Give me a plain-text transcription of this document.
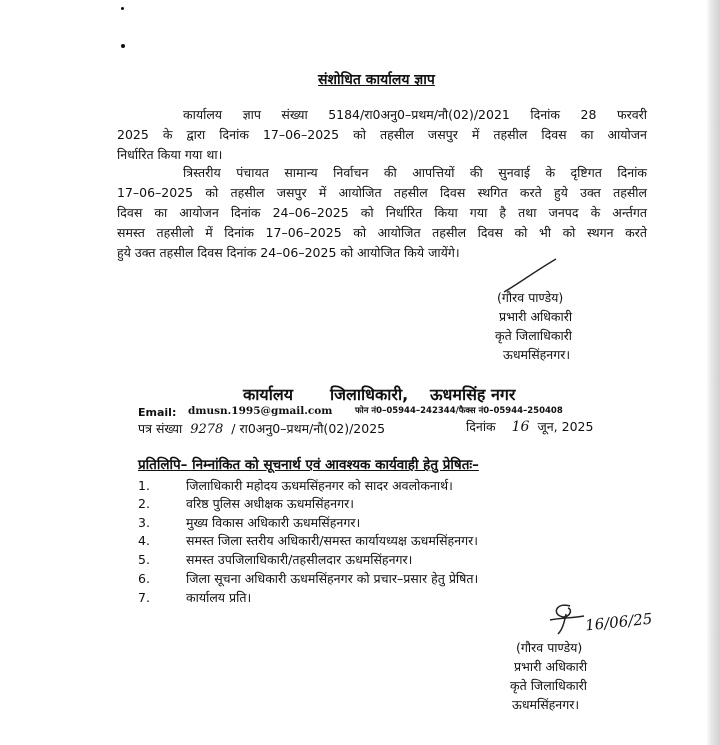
संशोधित कार्यालय ज्ञाप
कार्यालय ज्ञाप संख्या 5184/रा0अनु0–प्रथम/नौ(02)/2021 दिनांक 28 फरवरी
2025 के द्वारा दिनांक 17–06–2025 को तहसील जसपुर में तहसील दिवस का आयोजन
निर्धारित किया गया था।
त्रिस्तरीय पंचायत सामान्य निर्वाचन की आपत्तियों की सुनवाई के दृष्टिगत दिनांक
17–06–2025 को तहसील जसपुर में आयोजित तहसील दिवस स्थगित करते हुये उक्त तहसील
दिवस का आयोजन दिनांक 24–06–2025 को निर्धारित किया गया है तथा जनपद के अर्न्तगत
समस्त तहसीलो में दिनांक 17–06–2025 को आयोजित तहसील दिवस को भी को स्थगन करते
हुये उक्त तहसील दिवस दिनांक 24–06–2025 को आयोजित किये जायेंगे।
(गौरव पाण्डेय)
प्रभारी अधिकारी
कृते जिलाधिकारी
ऊधमसिंहनगर।
कार्यालय जिलाधिकारी, ऊधमसिंह नगर
Email: dmusn.1995@gmail.com	फोन नं0–05944–242344/फैक्स नं0–05944–250408
पत्र संख्या 9278 / रा0अनु0–प्रथम/नौ(02)/2025	दिनांक 16 जून, 2025
प्रतिलिपि– निम्नांकित को सूचनार्थ एवं आवश्यक कार्यवाही हेतु प्रेषितः–
1.	जिलाधिकारी महोदय ऊधमसिंहनगर को सादर अवलोकनार्थ।
2.	वरिष्ठ पुलिस अधीक्षक ऊधमसिंहनगर।
3.	मुख्य विकास अधिकारी ऊधमसिंहनगर।
4.	समस्त जिला स्तरीय अधिकारी/समस्त कार्यायध्यक्ष ऊधमसिंहनगर।
5.	समस्त उपजिलाधिकारी/तहसीलदार ऊधमसिंहनगर।
6.	जिला सूचना अधिकारी ऊधमसिंहनगर को प्रचार–प्रसार हेतु प्रेषित।
7.	कार्यालय प्रति।
16/06/25
(गौरव पाण्डेय)
प्रभारी अधिकारी
कृते जिलाधिकारी
ऊधमसिंहनगर।
